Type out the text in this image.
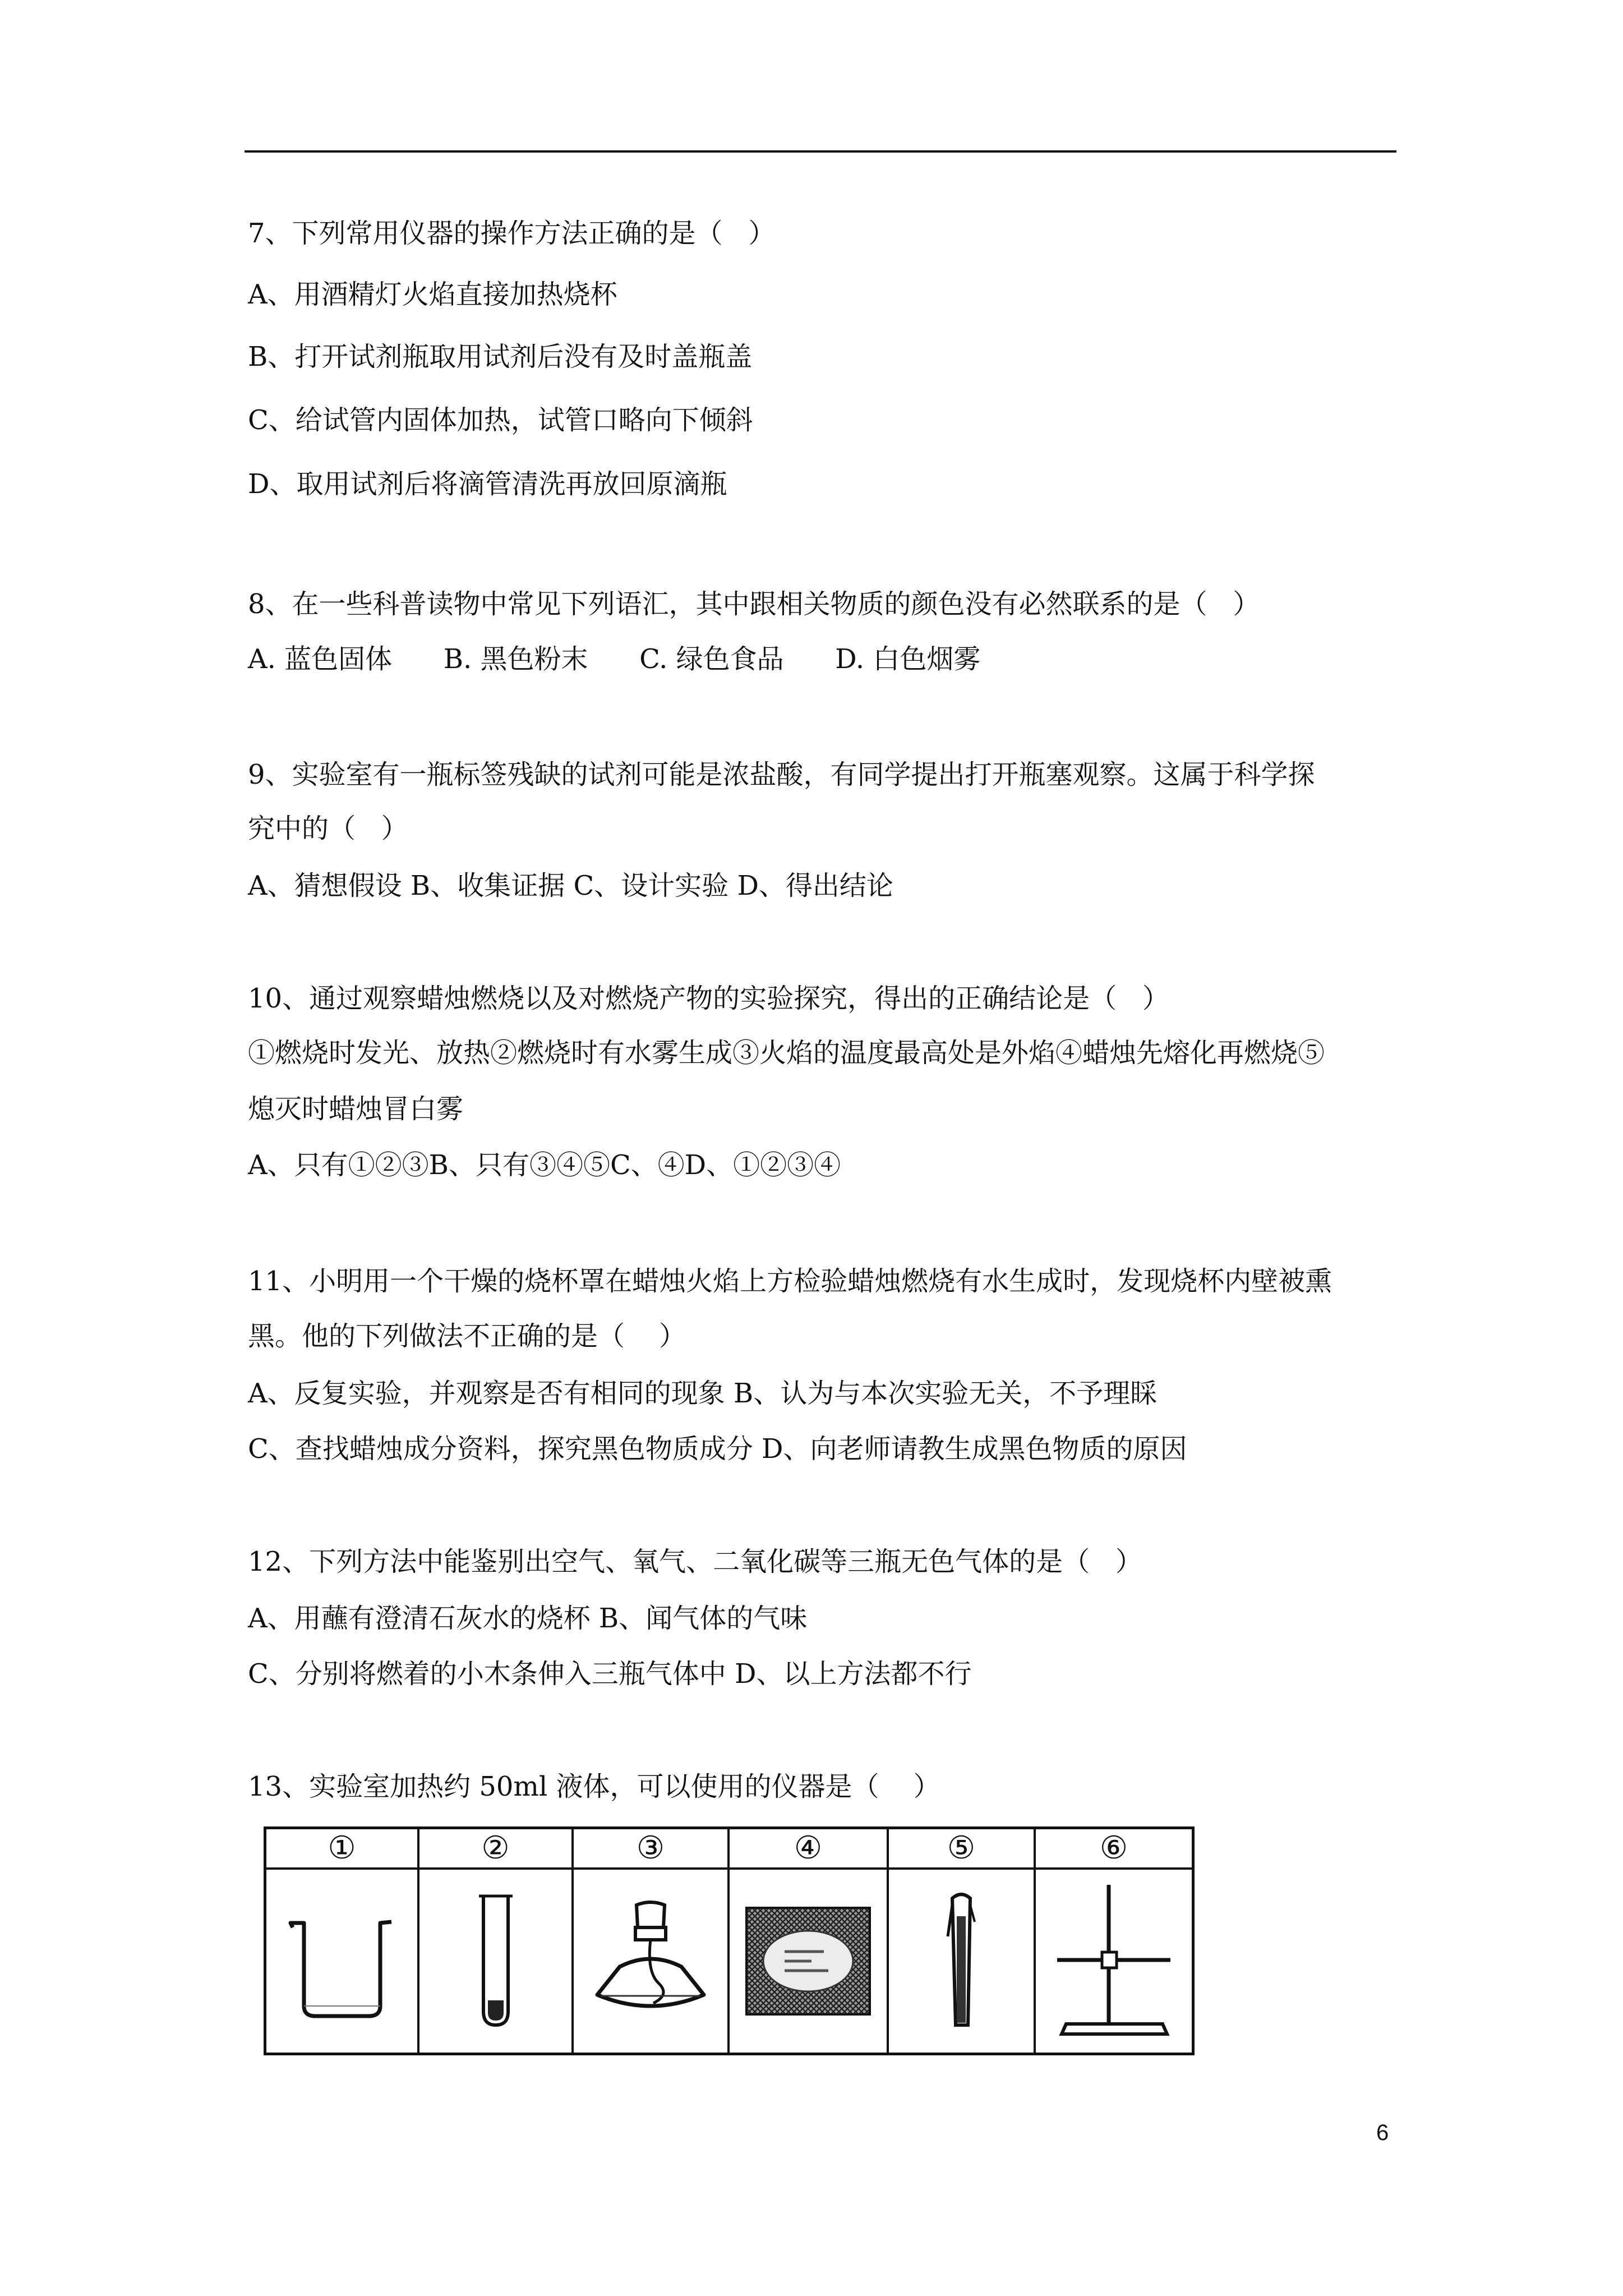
7、下列常用仪器的操作方法正确的是（   ）
A、用酒精灯火焰直接加热烧杯
B、打开试剂瓶取用试剂后没有及时盖瓶盖
C、给试管内固体加热，试管口略向下倾斜
D、取用试剂后将滴管清洗再放回原滴瓶
8、在一些科普读物中常见下列语汇，其中跟相关物质的颜色没有必然联系的是（   ）
A. 蓝色固体      B. 黑色粉末      C. 绿色食品      D. 白色烟雾
9、实验室有一瓶标签残缺的试剂可能是浓盐酸，有同学提出打开瓶塞观察。这属于科学探
究中的（   ）
A、猜想假设 B、收集证据 C、设计实验 D、得出结论
10、通过观察蜡烛燃烧以及对燃烧产物的实验探究，得出的正确结论是（   ）
①燃烧时发光、放热②燃烧时有水雾生成③火焰的温度最高处是外焰④蜡烛先熔化再燃烧⑤
熄灭时蜡烛冒白雾
A、只有①②③B、只有③④⑤C、④D、①②③④
11、小明用一个干燥的烧杯罩在蜡烛火焰上方检验蜡烛燃烧有水生成时，发现烧杯内壁被熏
黑。他的下列做法不正确的是（    ）
A、反复实验，并观察是否有相同的现象 B、认为与本次实验无关，不予理睬
C、查找蜡烛成分资料，探究黑色物质成分 D、向老师请教生成黑色物质的原因
12、下列方法中能鉴别出空气、氧气、二氧化碳等三瓶无色气体的是（   ）
A、用蘸有澄清石灰水的烧杯 B、闻气体的气味
C、分别将燃着的小木条伸入三瓶气体中 D、以上方法都不行
13、实验室加热约 50ml 液体，可以使用的仪器是（    ）
①	②	③	④	⑤	⑥
6
